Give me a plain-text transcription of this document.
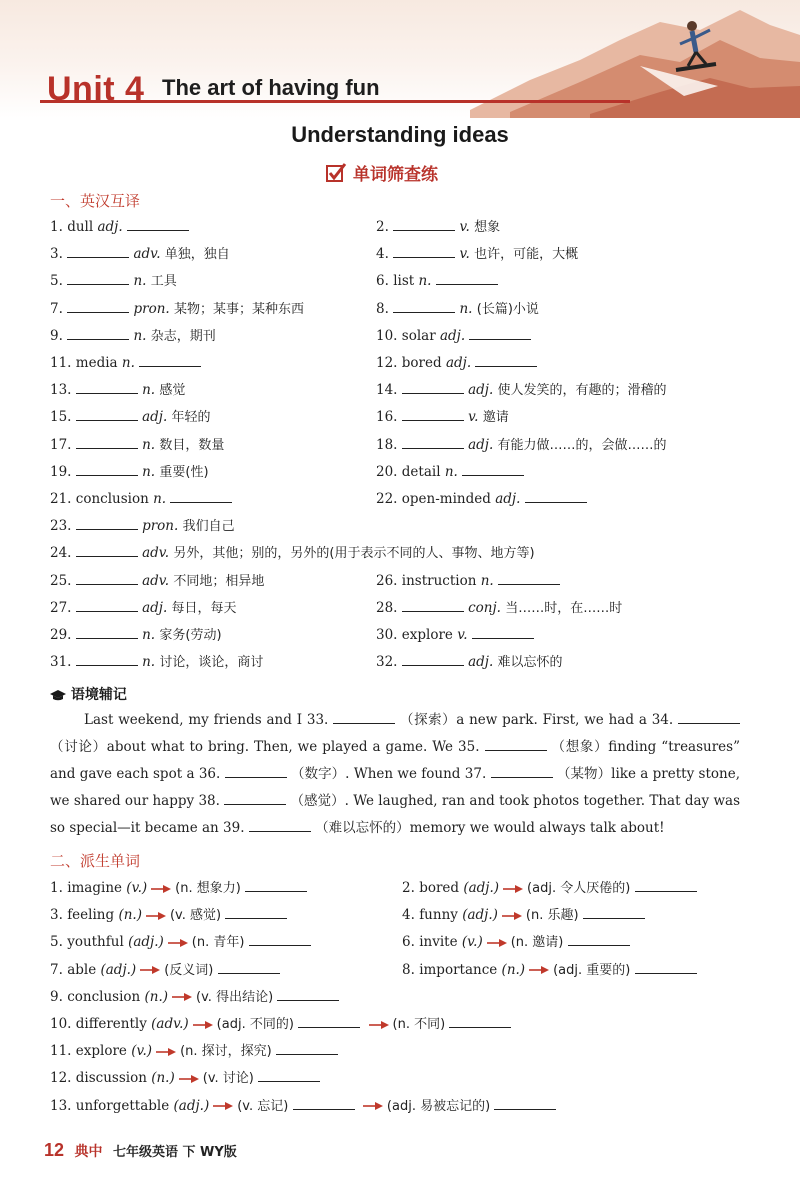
Unit 4 The art of having fun
Understanding ideas
单词筛查练
一、英汉互译
1. dull adj.	2.	v. 想象
3.	adv. 单独，独自	4.	v. 也许，可能，大概
5.	n. 工具	6. list n.
7.	pron. 某物；某事；某种东西	8.	n. (长篇)小说
9.	n. 杂志，期刊	10. solar adj.
11. media n.	12. bored adj.
13.	n. 感觉	14.	adj. 使人发笑的，有趣的；滑稽的
15.	adj. 年轻的	16.	v. 邀请
17.	n. 数目，数量	18.	adj. 有能力做……的，会做……的
19.	n. 重要(性)	20. detail n.
21. conclusion n.	22. open-minded adj.
23.	pron. 我们自己
24.	adv. 另外，其他；别的，另外的(用于表示不同的人、事物、地方等)
25.	adv. 不同地；相异地	26. instruction n.
27.	adj. 每日，每天	28.	conj. 当……时，在……时
29.	n. 家务(劳动)	30. explore v.
31.	n. 讨论，谈论，商讨	32.	adj. 难以忘怀的
语境辅记
Last weekend, my friends and I 33.	（探索）a new park. First, we had a 34.  （讨论）about what to bring. Then, we played a game. We 35.	（想象）finding “treasures” and gave each spot a 36.	（数字）. When we found 37.	（某物）like a pretty stone, we shared our happy 38.	（感觉）. We laughed, ran and took photos together. That day was so special—it became an 39.	（难以忘怀的）memory we would always talk about!
二、派生单词
1. imagine (v.) (n. 想象力)	2. bored (adj.) (adj. 令人厌倦的)
3. feeling (n.) (v. 感觉)	4. funny (adj.) (n. 乐趣)
5. youthful (adj.) (n. 青年)	6. invite (v.) (n. 邀请)
7. able (adj.) (反义词)	8. importance (n.) (adj. 重要的)
9. conclusion (n.) (v. 得出结论)
10. differently (adv.) (adj. 不同的)	(n. 不同)
11. explore (v.) (n. 探讨，探究)
12. discussion (n.) (v. 讨论)
13. unforgettable (adj.) (v. 忘记)	(adj. 易被忘记的)
12 典中 七年级英语 下 WY版
